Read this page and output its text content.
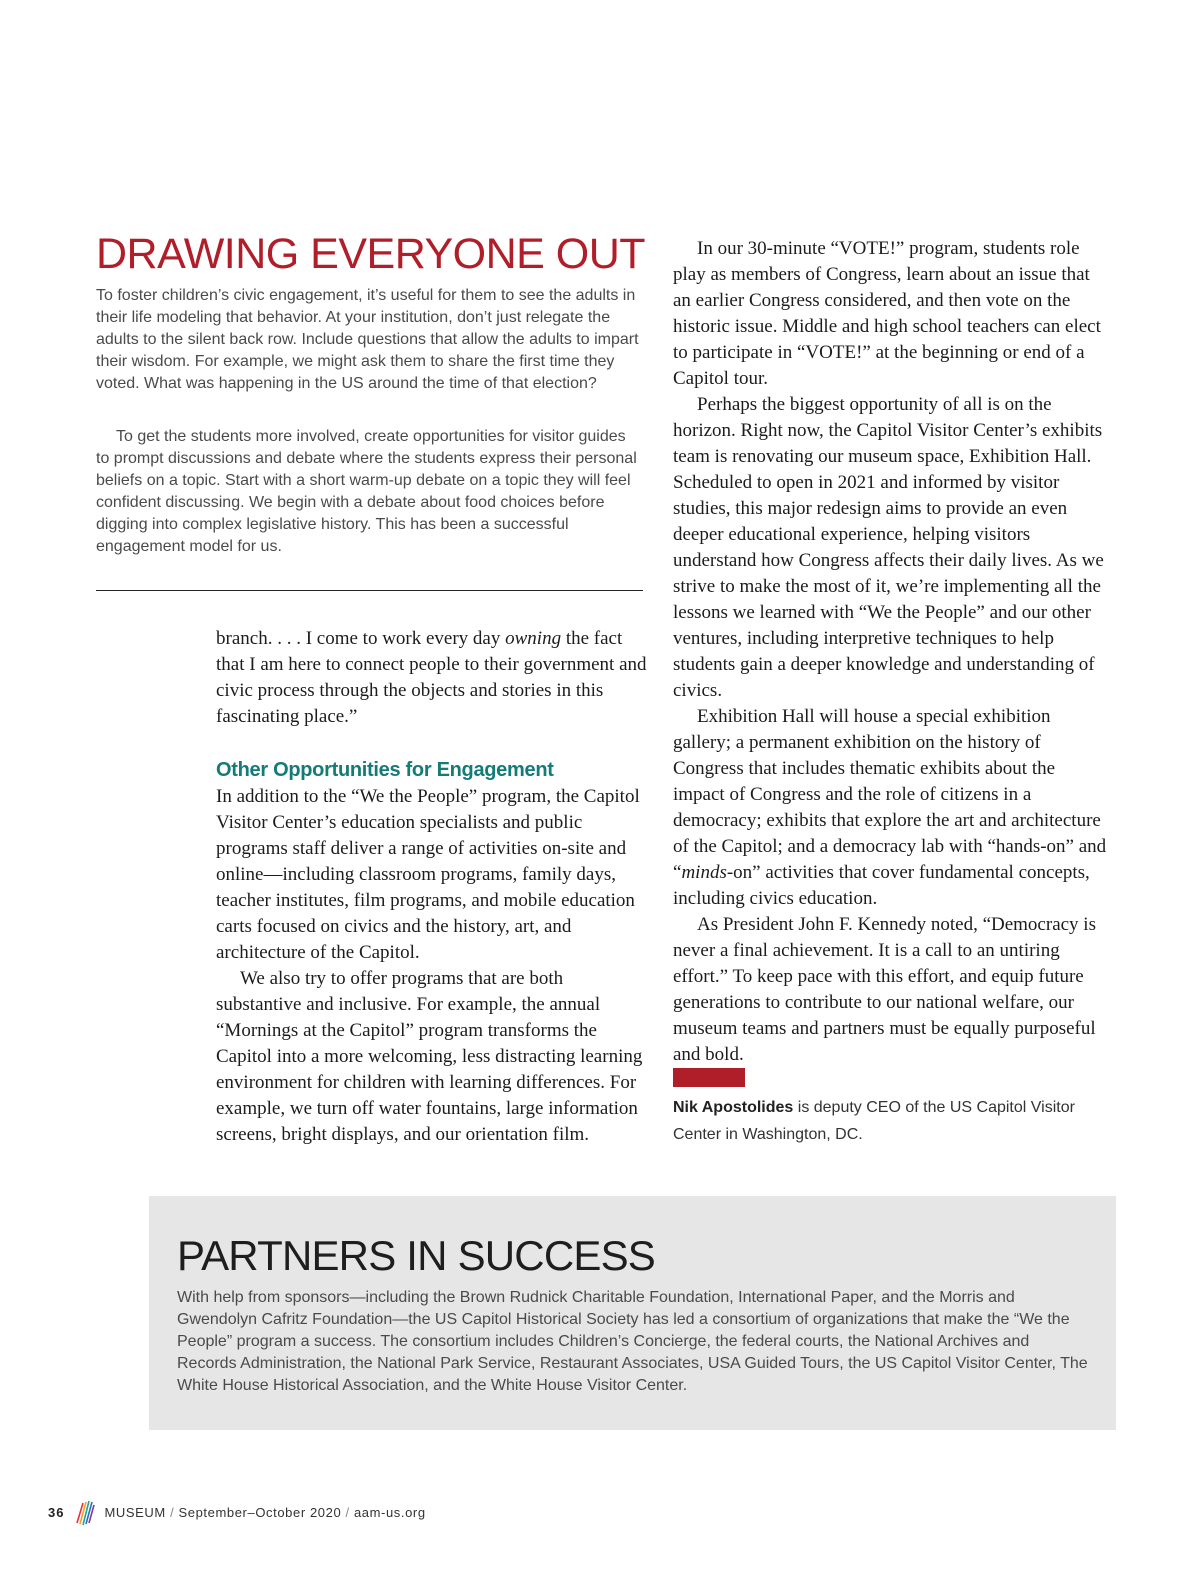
DRAWING EVERYONE OUT

To foster children’s civic engagement, it’s useful for them to see the adults in their life modeling that behavior. At your institution, don’t just relegate the adults to the silent back row. Include questions that allow the adults to impart their wisdom. For example, we might ask them to share the first time they voted. What was happening in the US around the time of that election?

To get the students more involved, create opportunities for visitor guides to prompt discussions and debate where the students express their personal beliefs on a topic. Start with a short warm-up debate on a topic they will feel confident discussing. We begin with a debate about food choices before digging into complex legislative history. This has been a successful engagement model for us.

branch. . . . I come to work every day owning the fact that I am here to connect people to their government and civic process through the objects and stories in this fascinating place.”

Other Opportunities for Engagement

In addition to the “We the People” program, the Capitol Visitor Center’s education specialists and public programs staff deliver a range of activities on-site and online—including classroom programs, family days, teacher institutes, film programs, and mobile education carts focused on civics and the history, art, and architecture of the Capitol.

We also try to offer programs that are both substantive and inclusive. For example, the annual “Mornings at the Capitol” program transforms the Capitol into a more welcoming, less distracting learning environment for children with learning differences. For example, we turn off water fountains, large information screens, bright displays, and our orientation film.

In our 30-minute “VOTE!” program, students role play as members of Congress, learn about an issue that an earlier Congress considered, and then vote on the historic issue. Middle and high school teachers can elect to participate in “VOTE!” at the beginning or end of a Capitol tour.

Perhaps the biggest opportunity of all is on the horizon. Right now, the Capitol Visitor Center’s exhibits team is renovating our museum space, Exhibition Hall. Scheduled to open in 2021 and informed by visitor studies, this major redesign aims to provide an even deeper educational experience, helping visitors understand how Congress affects their daily lives. As we strive to make the most of it, we’re implementing all the lessons we learned with “We the People” and our other ventures, including interpretive techniques to help students gain a deeper knowledge and understanding of civics.

Exhibition Hall will house a special exhibition gallery; a permanent exhibition on the history of Congress that includes thematic exhibits about the impact of Congress and the role of citizens in a democracy; exhibits that explore the art and architecture of the Capitol; and a democracy lab with “hands-on” and “minds-on” activities that cover fundamental concepts, including civics education.

As President John F. Kennedy noted, “Democracy is never a final achievement. It is a call to an untiring effort.” To keep pace with this effort, and equip future generations to contribute to our national welfare, our museum teams and partners must be equally purposeful and bold.

Nik Apostolides is deputy CEO of the US Capitol Visitor Center in Washington, DC.
PARTNERS IN SUCCESS
With help from sponsors—including the Brown Rudnick Charitable Foundation, International Paper, and the Morris and Gwendolyn Cafritz Foundation—the US Capitol Historical Society has led a consortium of organizations that make the “We the People” program a success. The consortium includes Children’s Concierge, the federal courts, the National Archives and Records Administration, the National Park Service, Restaurant Associates, USA Guided Tours, the US Capitol Visitor Center, The White House Historical Association, and the White House Visitor Center.
36	MUSEUM / September–October 2020 / aam-us.org
